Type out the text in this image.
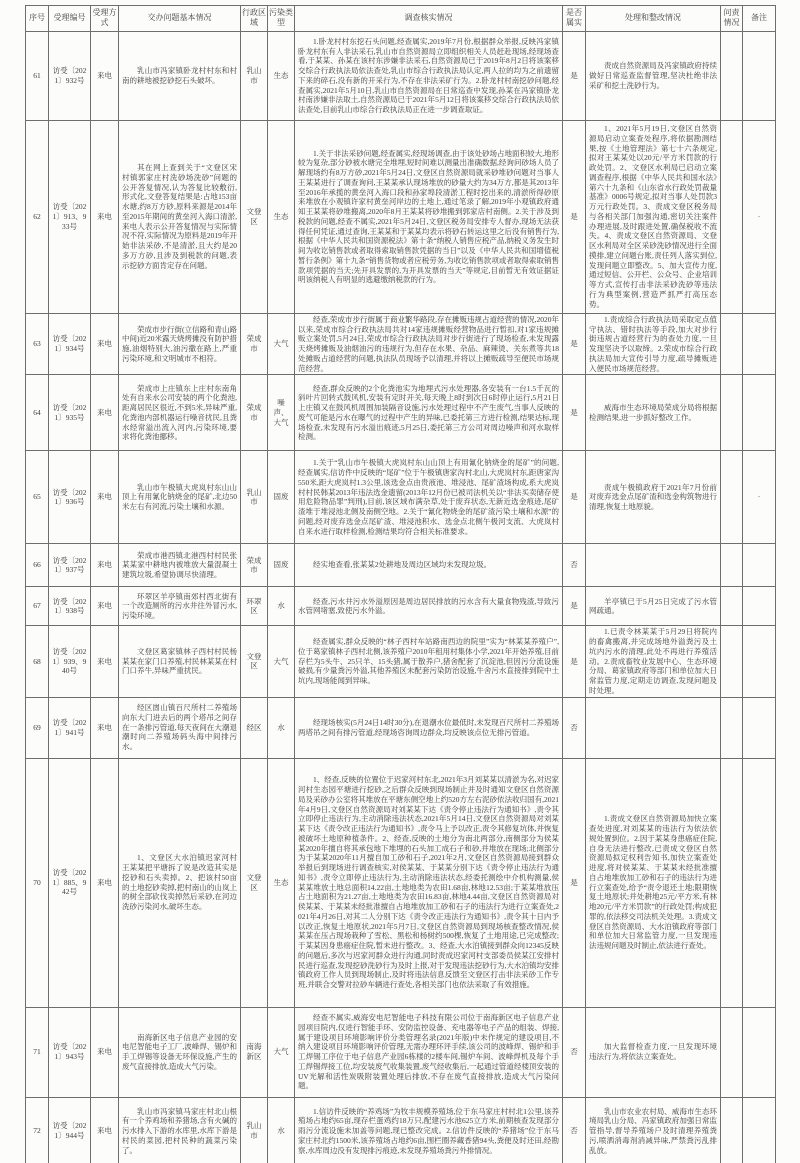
序号	受理编号	受理方式	交办问题基本情况	行政区域	污染类型	调查核实情况	是否属实	处理和整改情况	问责情况	备注
61	访受〔2021〕932号	来电	乳山市冯家镇卧龙村村东和村南的耕地被挖砂挖石头破坏。	乳山市	生态	1.卧龙村村东挖石头问题,经查属实,2019年7月份,根据群众举报,反映冯家镇卧龙村东有人非法采石,乳山市自然资源局立即组织相关人员赶赴现场,经现场查看,于某某、孙某在该村东涉嫌非法采石,自然资源局已于2019年8月2日将该案移交综合行政执法局依法查处,乳山市综合行政执法局认定,两人拉的均为之前遗留下来的碎石,没有新的开采行为,不存在非法采矿行为。2.卧龙村村南挖砂问题,经查属实,2021年5月10日,乳山市自然资源局在日常巡查中发现,孙某在冯家镇卧龙村南涉嫌非法取土,自然资源局已于2021年5月12日将该案移交综合行政执法局依法查处,目前乳山市综合行政执法局正在进一步调查取证。	是	责成自然资源局及冯家镇政府持续做好日常巡查监督管理,坚决杜绝非法采矿和挖土洗砂行为。		
62	访受〔2021〕913、933号	来电	其在网上查到关于“文登区宋村镇郭家庄村洗砂场洗砂”问题的公开答复情况,认为答复比较敷衍,形式化,文登答复结果是:占地153亩水塘,约8万方砂,原料来源是2014年至2015年期间的黄垒河入海口清淤,来电人表示公开答复情况与实际情况不符,实际情况为原料是2019年开始非法采砂,不是清淤,且大约是20多万方砂,且涉及到税款的问题,表示挖砂方面肯定存在问题。	文登区	生态	1.关于非法采砂问题,经查属实,经现场调查,由于该处砂场占地面积较大,地形较为复杂,部分砂被水塘完全堆埋,短时间难以测量出准确数据,经询问砂场人员了解现场约有8万方砂,2021年5月24日,文登区自然资源局就采砂堆砂问题对当事人王某某进行了调查询问,王某某承认现场堆放的砂量大约为34万方,都是其2013年至2016年承揽的黄垒河入海口段和孙家埠段清淤工程时挖出来的,清淤所得砂原来堆放在小观镇许家村黄垒河岸边的土地上,通过笔录了解,2019年小观镇政府通知王某某将砂堆搬离,2020年8月王某某将砂堆搬到郭家店村南侧。2.关于涉及到税款的问题,经查不属实,2021年5月24日,文登区税务局安排专人督办,现场无法获得任何凭证,通过查询,王某某和于某某均表示将砂石转运这里之后没有销售行为,根据《中华人民共和国资源税法》第十条“纳税人销售应税产品,纳税义务发生时间为收讫销售款或者取得索取销售款凭据的当日”以及《中华人民共和国增值税暂行条例》第十九条“销售货物或者应税劳务,为收讫销售款项或者取得索取销售款项凭据的当天;先开具发票的,为开具发票的当天”等规定,目前暂无有效证据证明该纳税人有明显的逃避缴纳税款的行为。	是	1、2021年5月19日,文登区自然资源局启动立案查处程序,将依据勘测结果,按《土地管理法》第七十六条规定,拟对王某某处以20元/平方米罚款的行政处罚。2、文登区水利局已启动立案调查程序,根据《中华人民共和国水法》第六十九条和《山东省水行政处罚裁量基准》0006号规定,拟对当事人处罚款3万元行政处罚。3、责成文登区税务局与各相关部门加强沟通,密切关注案件办理进展,及时跟进处置,确保税收不流失。4、责成文登区自然资源局、文登区水利局对全区采砂洗砂情况进行全面摸排,建立问题台账,责任列人落实到位,发现问题立即整改。5、加大宣传力度,通过短信、公开栏、公众号、企业培训等方式,宣传打击非法采砂洗砂等违法行为典型案例,营造严抓严打高压态势。		·
63	访受〔2021〕934号	来电	荣成市步行街(立信路和青山路中间)近20米露天烧烤摊没有防护措施,油烟特别大,油污撒在路上,严重污染环境,和文明城市不相符。	荣成市	大气	经查,荣成市步行街属于商业繁华路段,存在摊贩违规占道经营的情况,2020年以来,荣成市综合行政执法局共对14家违规摊贩经营物品进行暂扣,对1家违规摊贩立案处罚,5月24日,荣成市综合行政执法局对步行街进行了现场检查,未发现露天烧烤摊贩及油烟油污的违规行为,但存在水果、杂品、麻辣烫、关东煮等共18处摊贩占道经营的问题,执法队员现场予以清理,并将以上摊贩疏导至便民市场规范经营。	是	1.责成综合行政执法局采取定点值守执法、错时执法等手段,加大对步行街违规占道经营行为的查处力度,一旦发现坚决予以取缔。2.荣成市综合行政执法局加大宣传引导力度,疏导摊贩进入便民市场规范经营。		
64	访受〔2021〕935号	来电	荣成市上庄镇东上庄村东南角处有自来水公司安装的两个化粪池,距离居民区很近,不到5米,异味严重,化粪池内部机器运行噪音扰民,且粪水经常溢出流入河内,污染环境,要求将化粪池挪移。	荣成市	噪声、大气	经查,群众反映的2个化粪池实为地埋式污水处理器,各安装有一台1.5千瓦的斜叶片回转式鼓风机,安装有定时开关,每天晚上8时到次日6时停止运行,5月21日上庄镇又在鼓风机周围加装隔音设施,污水处理过程中不产生废气,当事人反映的废气可能是污水在曝气的过程中产生的异味,已委托第三方进行检测,结果达标,现场检查,未发现有污水溢出痕迹,5月25日,委托第三方公司对周边噪声和河水取样检测。	是	威海市生态环境局荣成分局将根据检测结果,进一步抓好整改工作。		
65	访受〔2021〕936号	来电	乳山市午极镇大虎岚村东山山顶上有用氰化钠烧金的尾矿,北边50米左右有河流,污染土壤和水源。	乳山市	固废	1.关于“乳山市午极镇大虎岚村东山山顶上有用氰化钠烧金的尾矿”的问题,经查属实,信访件中反映的“尾矿”位于午极镇唐家沟村北山,大虎岚村东,距唐家沟550米,距大虎岚村1.3公里,该选金点由贵液池、堆浸池、尾矿渣场构成,系大虎岚村村民韩某2013年违法选金遗留(2013年12月份已被司法机关以“非法买卖储存使用危险物品罪”判刑),目前,该区域布满杂草,处于废弃状态,无新近选金痕迹,尾矿渣堆于堆浸池北侧及南侧空地。2.关于“氰化物烧金的尾矿渣污染土壤和水源”的问题,经对废弃选金点尾矿渣、堆浸池积水、选金点北侧午极河支流、大虎岚村自来水进行取样检测,检测结果均符合相关标准要求。	是	责成午极镇政府于2021年7月份前对废弃选金点尾矿渣和选金构筑物进行清理,恢复土地原貌。		·
66	访受〔2021〕937号	来电	荣成市港西镇北港西村村民张某某家中耕地内被堆放大量混凝土建筑垃圾,希望协调尽快清理。	荣成市	固废	经实地查看,张某某2处耕地及周边区域均未发现垃圾。	否			
67	访受〔2021〕938号	来电	环翠区羊亭镇南郊村西北街有一个改造厕所的污水井往外冒污水,污染环境。	环翠区	水	经查,污水井污水外溢原因是周边居民排放的污水含有大量食物残渣,导致污水管网堵塞,致使污水外溢。	是	羊亭镇已于5月25日完成了污水管网疏通。		
68	访受〔2021〕939、940号	来电	文登区葛家镇林子西村村民杨某某在家门口养殖,村民林某某在村门口养牛,异味严重扰民。	文登区	大气	经查属实,群众反映的“林子西村车站路南西边的院里”实为“林某某养殖户”,位于葛家镇林子西村北侧,该养殖户2010年租用村集体小学,2021年开始养殖,目前存栏为5头牛、25只羊、15头猪,属于散养户,猪舍配套了沉淀池,但因污分流设施破损,有少量粪污外溢,其他养殖区未配套污染防治设施,牛舍污水直接排到院中土坑内,现场能闻到异味。	是	1.已责令林某某于5月29日将院内的畜禽搬离,并完成场地外溢粪污及土坑内污水的清理,此处不再进行养殖活动。2.责成畜牧业发展中心、生态环境分局、葛家镇政府等部门和单位加大日常监管力度,定期走访调查,发现问题及时处理。		
69	访受〔2021〕941号	来电	经区崮山镇百尺所村二养殖场向东大门进去后的两个塔吊之间存在一条排污管道,每天夜间在大潮退潮时向二养殖场码头海中间排污水。	经区	水	经现场核实(5月24日14时30分),在退潮水位最低时,未发现百尺所村二养殖场两塔吊之间有排污管道,经现场咨询周边群众,均反映该点位无排污管道。	否			
70	访受〔2021〕885、942号	来电	1、文登区大水泊镇迟家河村王某某把平塘拆了说是改造其实是挖砂和石头卖掉。2、把该村50亩的土地挖砂卖掉,把村南山的山岚上的树全部砍伐卖掉然后采砂,在河边洗砂污染河水,破坏生态。	文登区	生态	1、经查,反映的位置位于迟家河村东北,2021年3月刘某某以清淤为名,对迟家河村生态园平塘进行挖砂,之后群众反映到现场制止并及时通知文登区自然资源局及采砂办公室将其堆放在平塘东侧空地上约520方左右泥砂依法收归国有,2021年4月9日,文登区自然资源局对刘某某下达《责令停止违法行为通知书》,责令其立即停止违法行为,主动消除违法状态,2021年5月14日,文登区自然资源局对刘某某下达《责令改正违法行为通知书》,责令马上予以改正,责令其修复坑体,并恢复被破坏土地原种植条件。2、经查,反映的土地分为南北两部分,南侧部分为侯某某2020年擅自将其承包地下堆埋的石头加工成石子和砂,并堆放在现场;北侧部分为于某某2020年11月擅自加工砂和石子,2021年2月,文登区自然资源局接到群众举报后到现场进行调查核实,对侯某某、于某某分别下达《责令停止违法行为通知书》,责令立即停止违法行为,主动消除违法状态,经委托测绘中介机构测量,侯某某堆放土地总面积14.22亩,土地地类为农田1.68亩,林地12.53亩;于某某堆放压占土地面积为21.27亩,土地地类为农田16.83亩,林地4.44亩,文登区自然资源局对侯某某、于某某未经批准擅自占地堆放加工砂和石子的违法行为进行立案查处,2021年4月26日,对其二人分别下达《责令改正违法行为通知书》,责令其十日内予以改正,恢复土地原状,2021年5月7日,文登区自然资源局到现场核查整改情况,侯某某在压占现场栽种了雪松、黑松和杨树约500棵,恢复了土地用途,已完成整改;于某某因身患癌症住院,暂未进行整改。3、经查,大水泊镇接到群众向12345反映的问题后,多次与迟家河群众进行沟通,同时责成迟家河村支部委员侯某江安排村民进行巡查,发现挖砂洗砂行为及时上报,对于发现违法挖砂行为,大水泊镇均安排镇政府工作人员到现场制止,及时将违法信息反馈至文登区打击非法采砂工作专班,并联合交警对拉砂车辆进行查处,各相关部门也依法采取了有效措施。	是	1.责成文登区自然资源局加快立案查处进度,对刘某某的违法行为依法依规处置到位。2.因于某某身患癌症住院,自身无法进行整改,已责成文登区自然资源局拟定权利告知书,加快立案查处进度,将对侯某某、于某某未经批准擅自占地堆放加工砂和石子的违法行为进行立案查处,给予“责令退还土地;限期恢复土地原状;并处耕地25元/平方米,有林地20元/平方米罚款”的行政处罚;构成犯罪的,依法移交司法机关处理。3.责成文登区自然资源局、大水泊镇政府等部门和单位加大日常监管力度,一旦发现违法违规问题及时制止,依法进行查处。		
71	访受〔2021〕943号	来电	南海新区电子信息产业园的安电尼智能电子工厂,波峰焊、锡炉和手工焊锡等设备无环保设施,产生的废气直接排放,造成大气污染。	南海新区	大气	经查不属实,威海安电尼智能电子科技有限公司位于南海新区电子信息产业园项目院内,仅进行智能手环、安防监控设备、充电器等电子产品的组装、焊接,属于建设项目环境影响评价分类管理名录(2021年版)中未作规定的建设项目,不纳入建设项目环境影响评价管理,无需办理环评手续,该公司的波峰焊、锡炉和手工焊锡工序位于电子信息产业园6栋楼的2楼车间,锡炉车间、波峰焊机及每个手工焊锡焊接工位,均安装废气收集装置,废气经收集后,一起通过管道经楼顶安装的UV光解和活性炭吸附装置处理后排放,不存在废气直接排放,造成大气污染问题。	否	加大监督检查力度,一旦发现环境违法行为,将依法立案查处。		
72	访受〔2021〕944号	来电	乳山市冯家镇马家庄村北山根有一个养鸡场和养猪场,含有火碱的污水排入下游的水库里,水库下游是村民的菜园,把村民种的蔬菜污染了。	乳山市	水	1.信访件反映的“养鸡场”为牧丰规模养殖场,位于东马家庄村村北1公里,该养殖场占地约65亩,现存栏蛋鸡约18万只,配建污水池625立方米,前期核查发现部分雨污分流设施未加盖等问题,现已整改完成。2.信访件反映的“养猪场”位于东马家庄村北约1500米,该养殖场占地约6亩,围栏圈养藏香猪94头,粪便及时还田,经勘察,水库周边没有发现排污痕迹,未发现养殖场粪污外排情况。	否	乳山市农业农村局、威海市生态环境局乳山分局、冯家镇政府加强日常监管指导,督导养殖场户及时清理养殖粪污,喷洒消毒剂消减异味,严禁粪污乱排乱放。		
